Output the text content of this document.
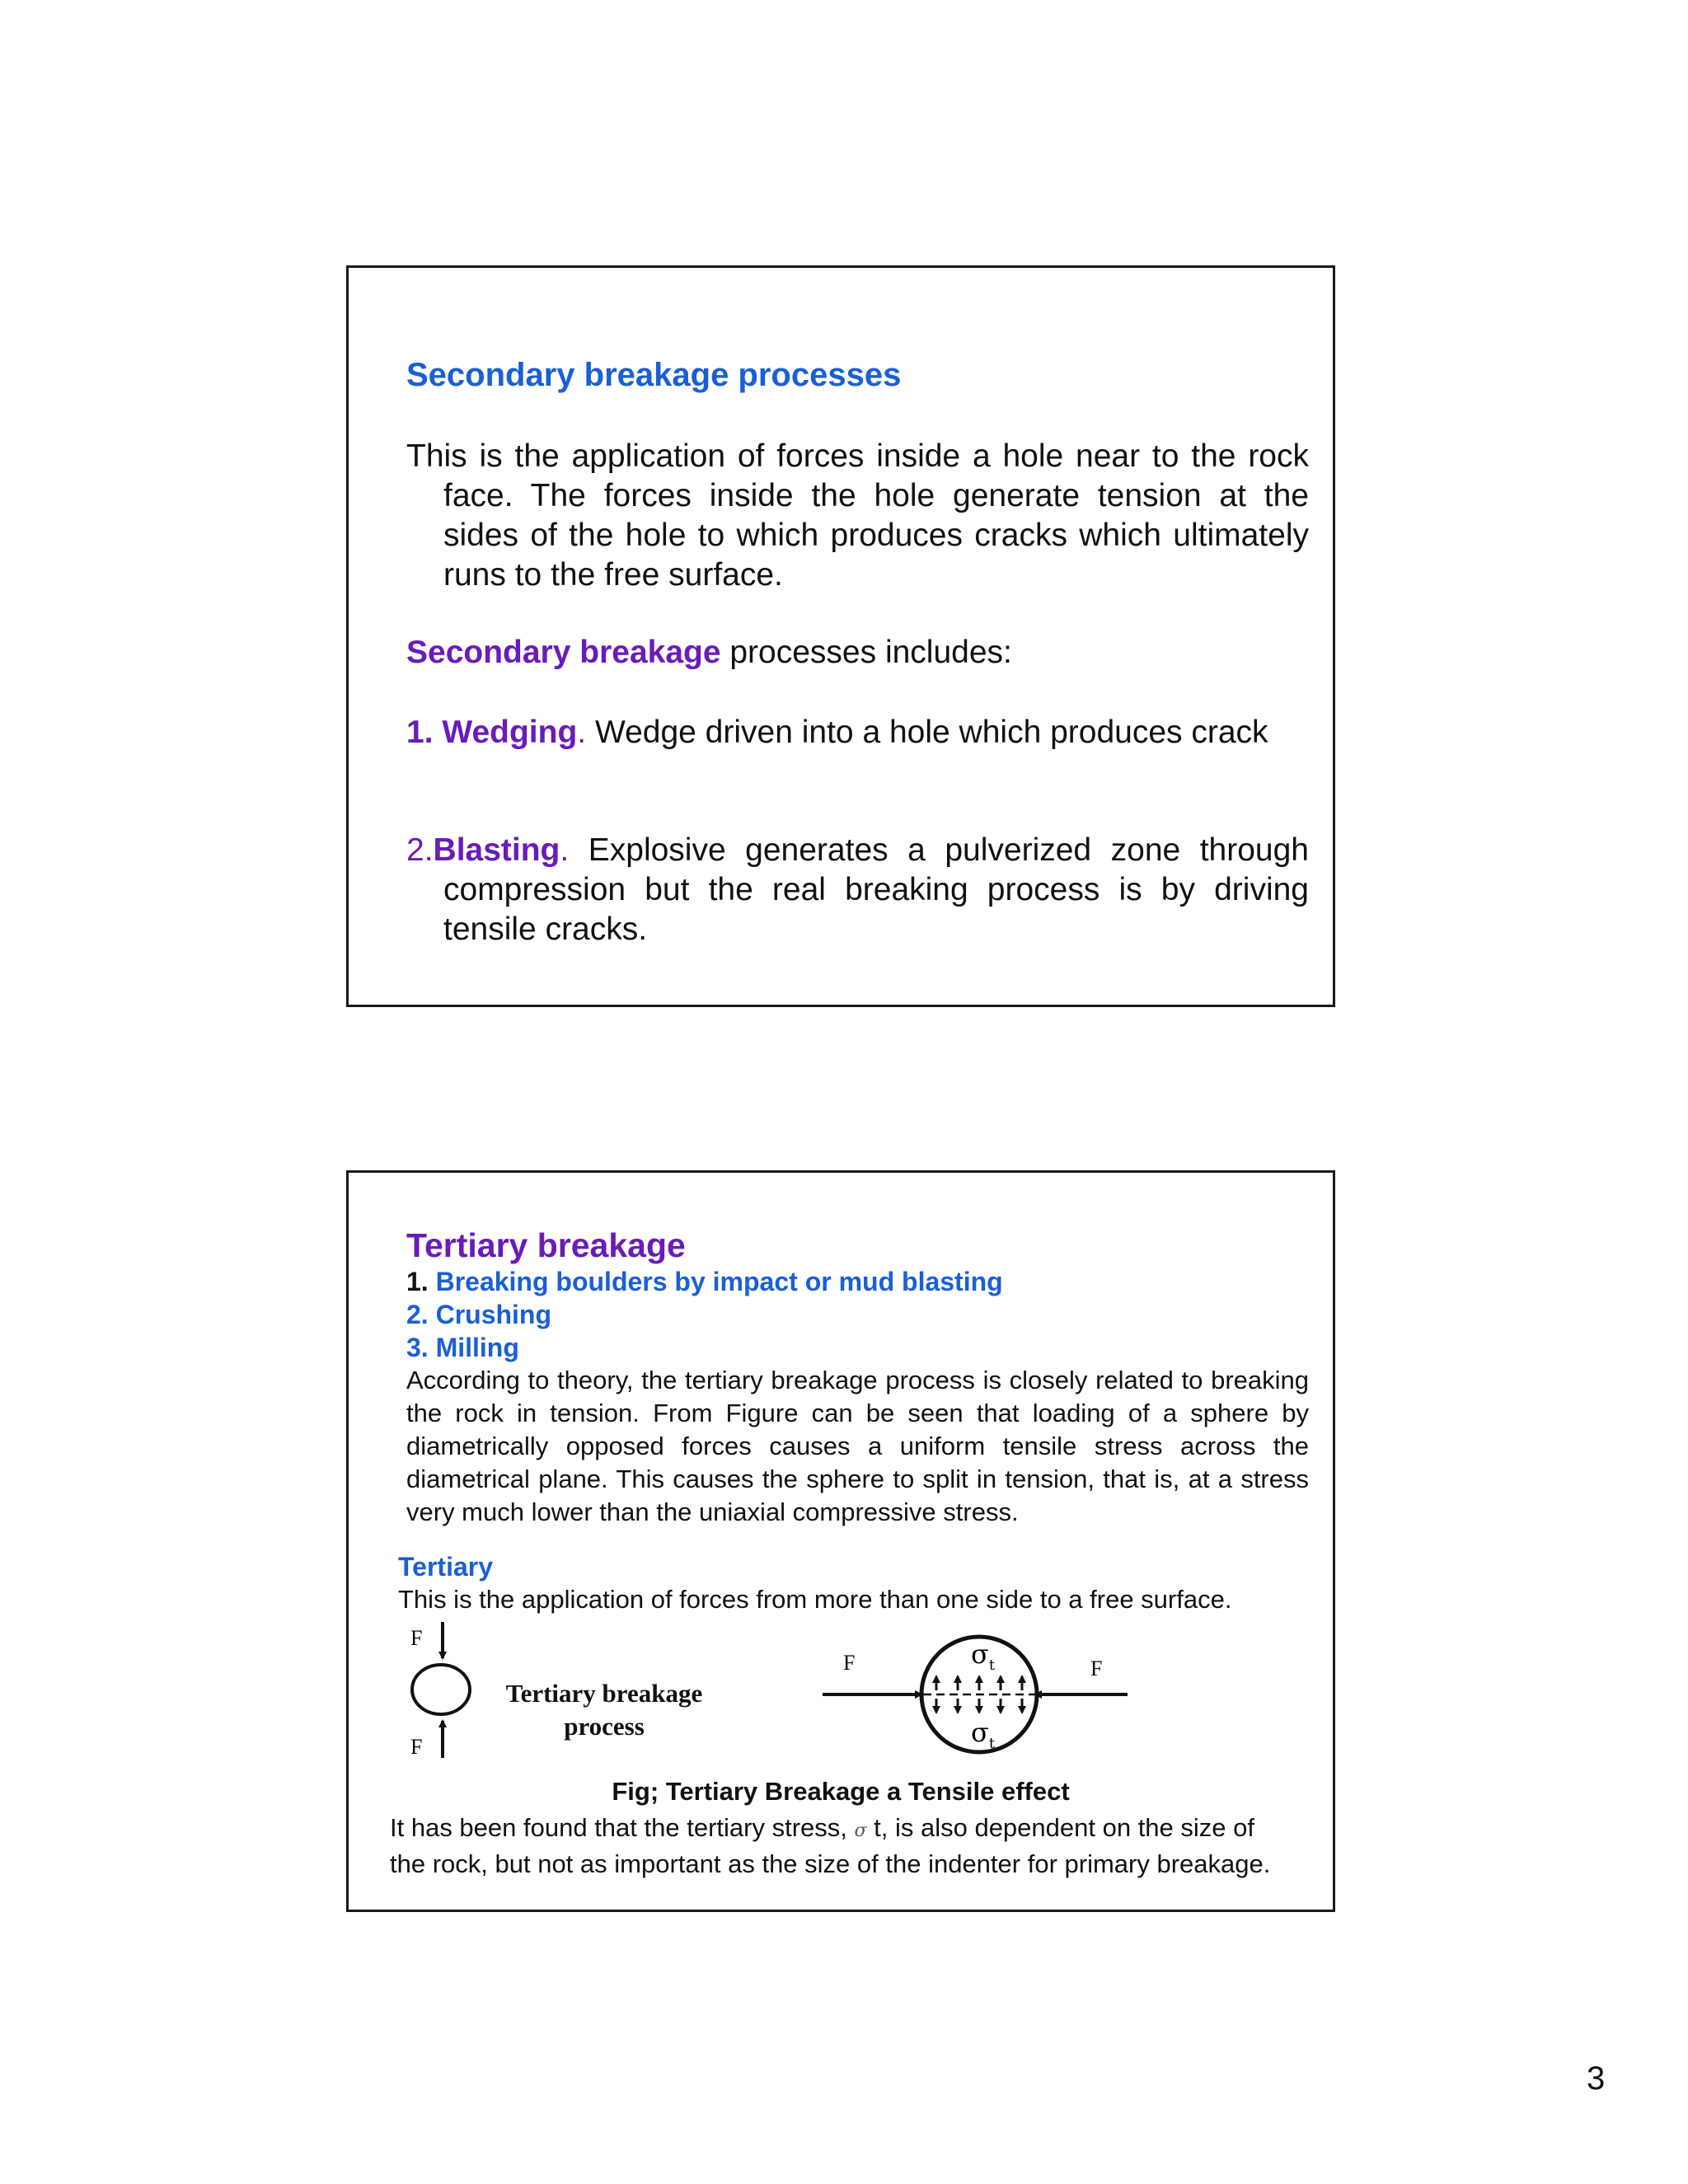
Secondary breakage processes
This is the application of forces inside a hole near to the rock face. The forces inside the hole generate tension at the sides of the hole to which produces cracks which ultimately runs to the free surface.
Secondary breakage processes includes:
1. Wedging. Wedge driven into a hole which produces crack
2.Blasting. Explosive generates a pulverized zone through compression but the real breaking process is by driving tensile cracks.
Tertiary breakage
1. Breaking boulders by impact or mud blasting
2. Crushing
3. Milling
According to theory, the tertiary breakage process is closely related to breaking the rock in tension. From Figure can be seen that loading of a sphere by diametrically opposed forces causes a uniform tensile stress across the diametrical plane. This causes the sphere to split in tension, that is, at a stress very much lower than the uniaxial compressive stress.
Tertiary
This is the application of forces from more than one side to a free surface.
F
F
F	F
$\sigma_t$
$\sigma_t$
Tertiary breakage
process
Fig; Tertiary Breakage a Tensile effect
It has been found that the tertiary stress, σ t, is also dependent on the size of the rock, but not as important as the size of the indenter for primary breakage.
3
